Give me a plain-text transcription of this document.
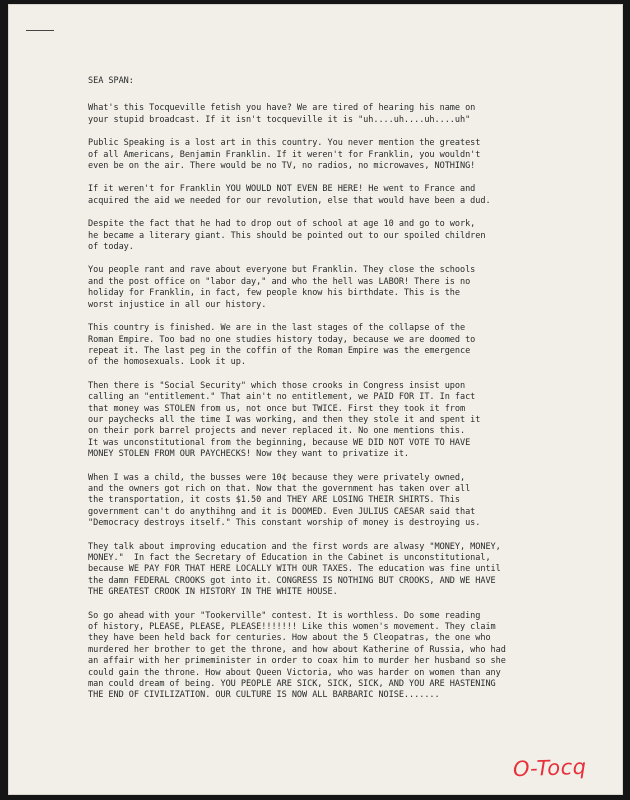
SEA SPAN:
What's this Tocqueville fetish you have? We are tired of hearing his name on
your stupid broadcast. If it isn't tocqueville it is "uh....uh....uh....uh"
Public Speaking is a lost art in this country. You never mention the greatest
of all Americans, Benjamin Franklin. If it weren't for Franklin, you wouldn't
even be on the air. There would be no TV, no radios, no microwaves, NOTHING!
If it weren't for Franklin YOU WOULD NOT EVEN BE HERE! He went to France and
acquired the aid we needed for our revolution, else that would have been a dud.
Despite the fact that he had to drop out of school at age 10 and go to work,
he became a literary giant. This should be pointed out to our spoiled children
of today.
You people rant and rave about everyone but Franklin. They close the schools
and the post office on "labor day," and who the hell was LABOR! There is no
holiday for Franklin, in fact, few people know his birthdate. This is the
worst injustice in all our history.
This country is finished. We are in the last stages of the collapse of the
Roman Empire. Too bad no one studies history today, because we are doomed to
repeat it. The last peg in the coffin of the Roman Empire was the emergence
of the homosexuals. Look it up.
Then there is "Social Security" which those crooks in Congress insist upon
calling an "entitlement." That ain't no entitlement, we PAID FOR IT. In fact
that money was STOLEN from us, not once but TWICE. First they took it from
our paychecks all the time I was working, and then they stole it and spent it
on their pork barrel projects and never replaced it. No one mentions this.
It was unconstitutional from the beginning, because WE DID NOT VOTE TO HAVE
MONEY STOLEN FROM OUR PAYCHECKS! Now they want to privatize it.
When I was a child, the busses were 10¢ because they were privately owned,
and the owners got rich on that. Now that the government has taken over all
the transportation, it costs $1.50 and THEY ARE LOSING THEIR SHIRTS. This
government can't do anythihng and it is DOOMED. Even JULIUS CAESAR said that
"Democracy destroys itself." This constant worship of money is destroying us.
They talk about improving education and the first words are alwasy "MONEY, MONEY,
MONEY."  In fact the Secretary of Education in the Cabinet is unconstitutional,
because WE PAY FOR THAT HERE LOCALLY WITH OUR TAXES. The education was fine until
the damn FEDERAL CROOKS got into it. CONGRESS IS NOTHING BUT CROOKS, AND WE HAVE
THE GREATEST CROOK IN HISTORY IN THE WHITE HOUSE.
So go ahead with your "Tookerville" contest. It is worthless. Do some reading
of history, PLEASE, PLEASE, PLEASE!!!!!!! Like this women's movement. They claim
they have been held back for centuries. How about the 5 Cleopatras, the one who
murdered her brother to get the throne, and how about Katherine of Russia, who had
an affair with her primeminister in order to coax him to murder her husband so she
could gain the throne. How about Queen Victoria, who was harder on women than any
man could dream of being. YOU PEOPLE ARE SICK, SICK, SICK, AND YOU ARE HASTENING
THE END OF CIVILIZATION. OUR CULTURE IS NOW ALL BARBARIC NOISE.......
O-Tocq
